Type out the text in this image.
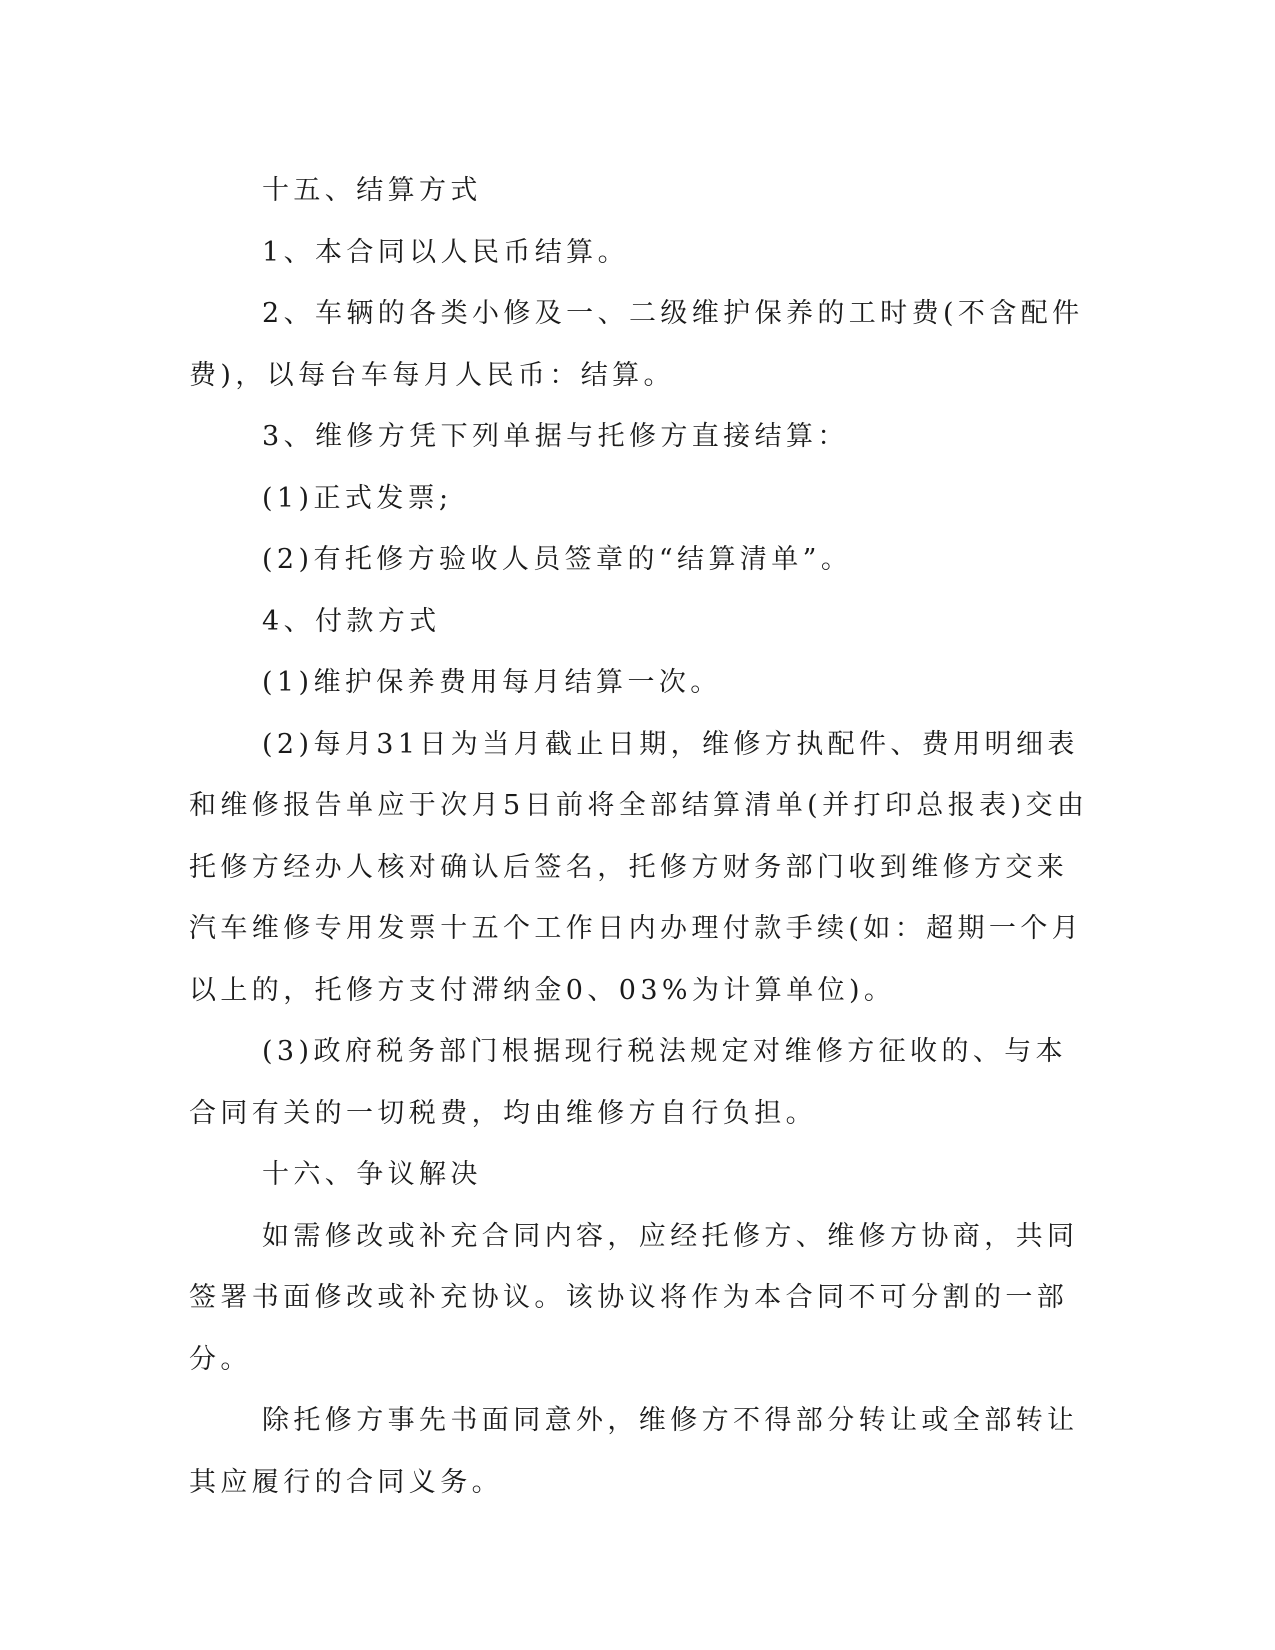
十五、结算方式

1、本合同以人民币结算。

2、车辆的各类小修及一、二级维护保养的工时费(不含配件费)，以每台车每月人民币：结算。

3、维修方凭下列单据与托修方直接结算：

(1)正式发票;

(2)有托修方验收人员签章的“结算清单”。

4、付款方式

(1)维护保养费用每月结算一次。

(2)每月31日为当月截止日期，维修方执配件、费用明细表和维修报告单应于次月5日前将全部结算清单(并打印总报表)交由托修方经办人核对确认后签名，托修方财务部门收到维修方交来汽车维修专用发票十五个工作日内办理付款手续(如：超期一个月以上的，托修方支付滞纳金0、03%为计算单位)。

(3)政府税务部门根据现行税法规定对维修方征收的、与本合同有关的一切税费，均由维修方自行负担。

十六、争议解决

如需修改或补充合同内容，应经托修方、维修方协商，共同签署书面修改或补充协议。该协议将作为本合同不可分割的一部分。

除托修方事先书面同意外，维修方不得部分转让或全部转让其应履行的合同义务。
